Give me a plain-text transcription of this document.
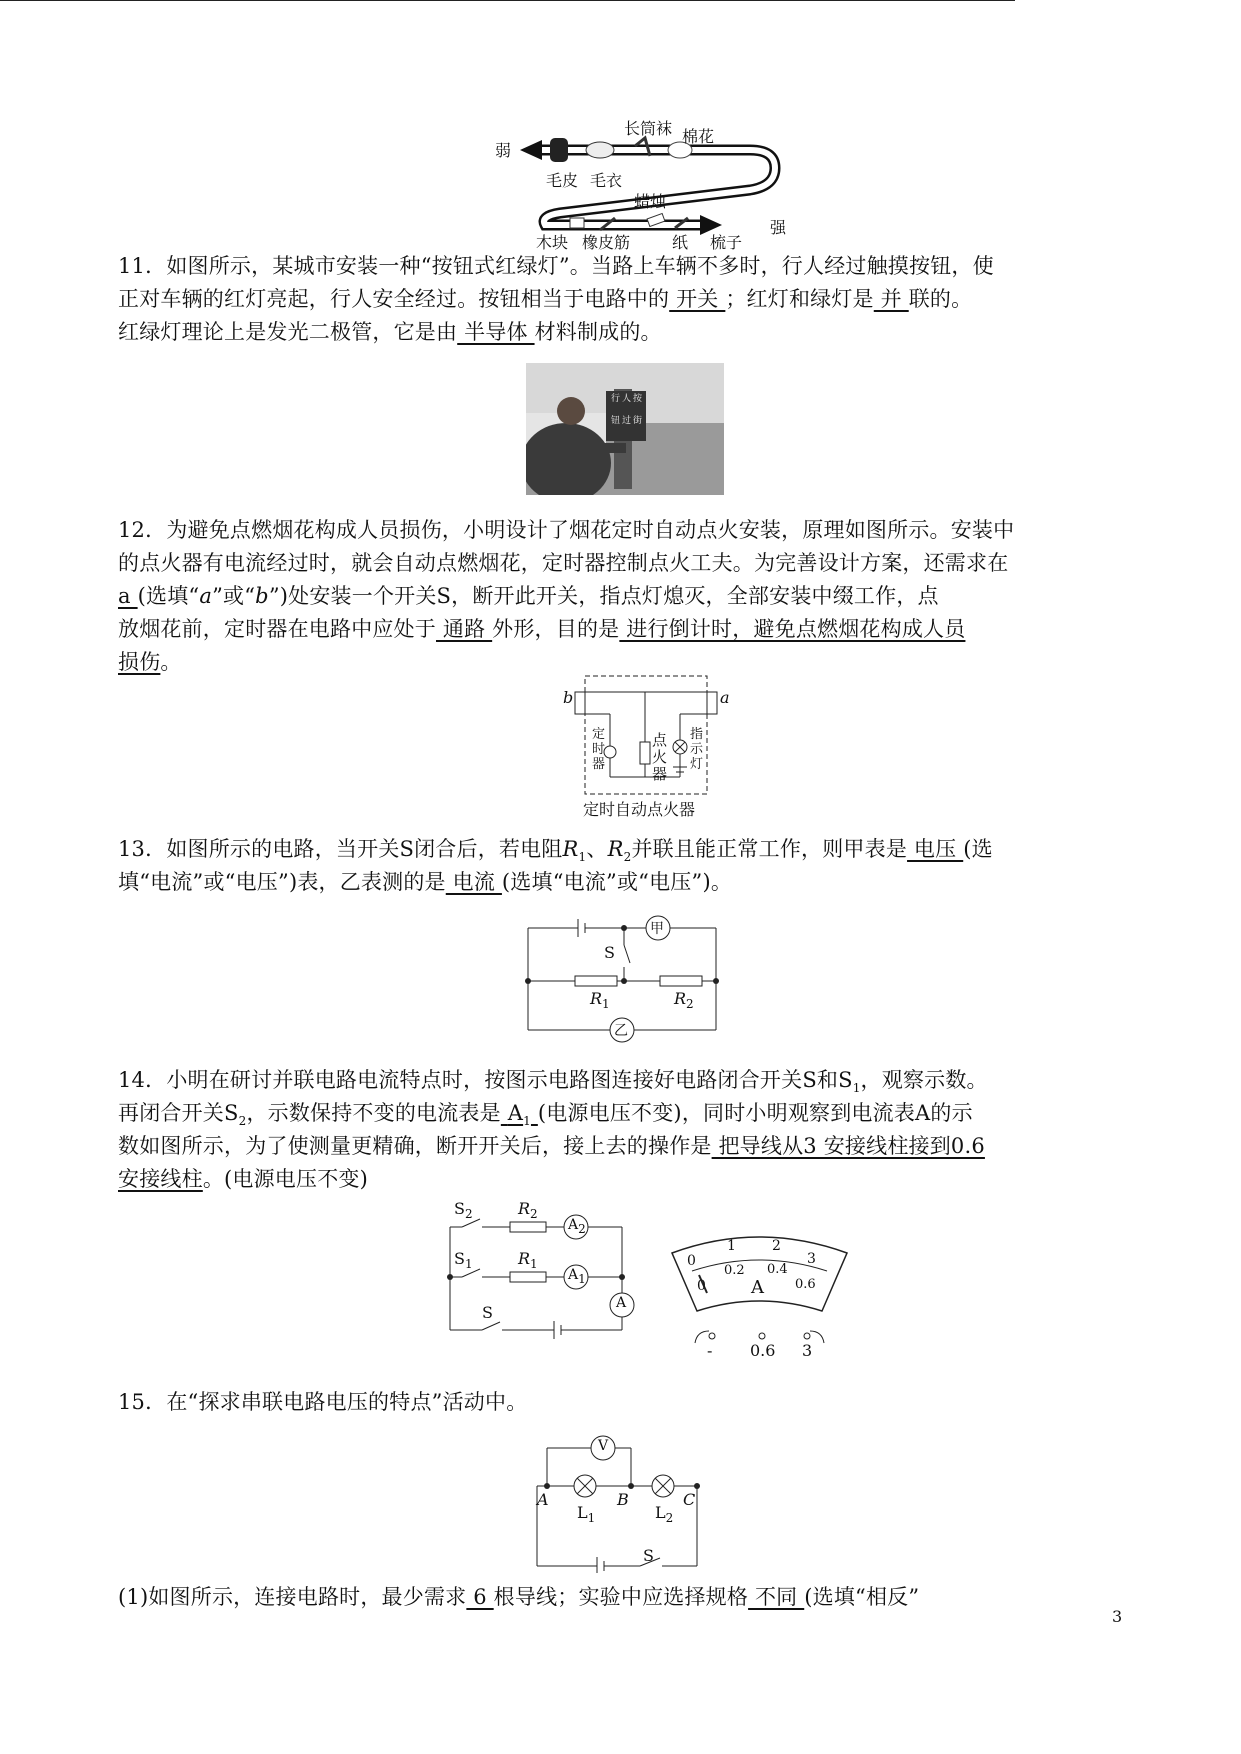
弱
长筒袜 棉花
毛皮 毛衣
蜡烛
强
木块 橡皮筋	纸 梳子
11．如图所示，某城市安装一种“按钮式红绿灯”。当路上车辆不多时，行人经过触摸按钮，使
正对车辆的红灯亮起，行人安全经过。按钮相当于电路中的 开关 ；红灯和绿灯是 并 联的。
红绿灯理论上是发光二极管，它是由 半导体 材料制成的。
行 人 按
钮 过 街
12．为避免点燃烟花构成人员损伤，小明设计了烟花定时自动点火安装，原理如图所示。安装中
的点火器有电流经过时，就会自动点燃烟花，定时器控制点火工夫。为完善设计方案，还需求在
a (选填“a”或“b”)处安装一个开关S，断开此开关，指点灯熄灭，全部安装中缀工作，点
放烟花前，定时器在电路中应处于 通路 外形，目的是 进行倒计时，避免点燃烟花构成人员
损伤。
b	a
定时器
点火器
指示灯
定时自动点火器
13．如图所示的电路，当开关S闭合后，若电阻$R_1$、$R_2$并联且能正常工作，则甲表是 电压 (选
填“电流”或“电压”)表，乙表测的是 电流 (选填“电流”或“电压”)。
甲
乙
S
$R_1$	$R_2$
14．小明在研讨并联电路电流特点时，按图示电路图连接好电路闭合开关S和$S_1$，观察示数。
再闭合开关$S_2$，示数保持不变的电流表是 $A_1$ (电源电压不变)，同时小明观察到电流表A的示
数如图所示，为了使测量更精确，断开开关后，接上去的操作是 把导线从3 安接线柱接到0.6
安接线柱。(电源电压不变)
$S_2$	$R_2$
$A_2$
$S_1$	$R_1$
$A_1$
A
S
0
1	2
3
0
0.2 0.4
0.6
A
- 0.6 3
15．在“探求串联电路电压的特点”活动中。
V
A	B	C
$L_1$	$L_2$
S
(1)如图所示，连接电路时，最少需求 6 根导线；实验中应选择规格 不同 (选填“相反”
3
